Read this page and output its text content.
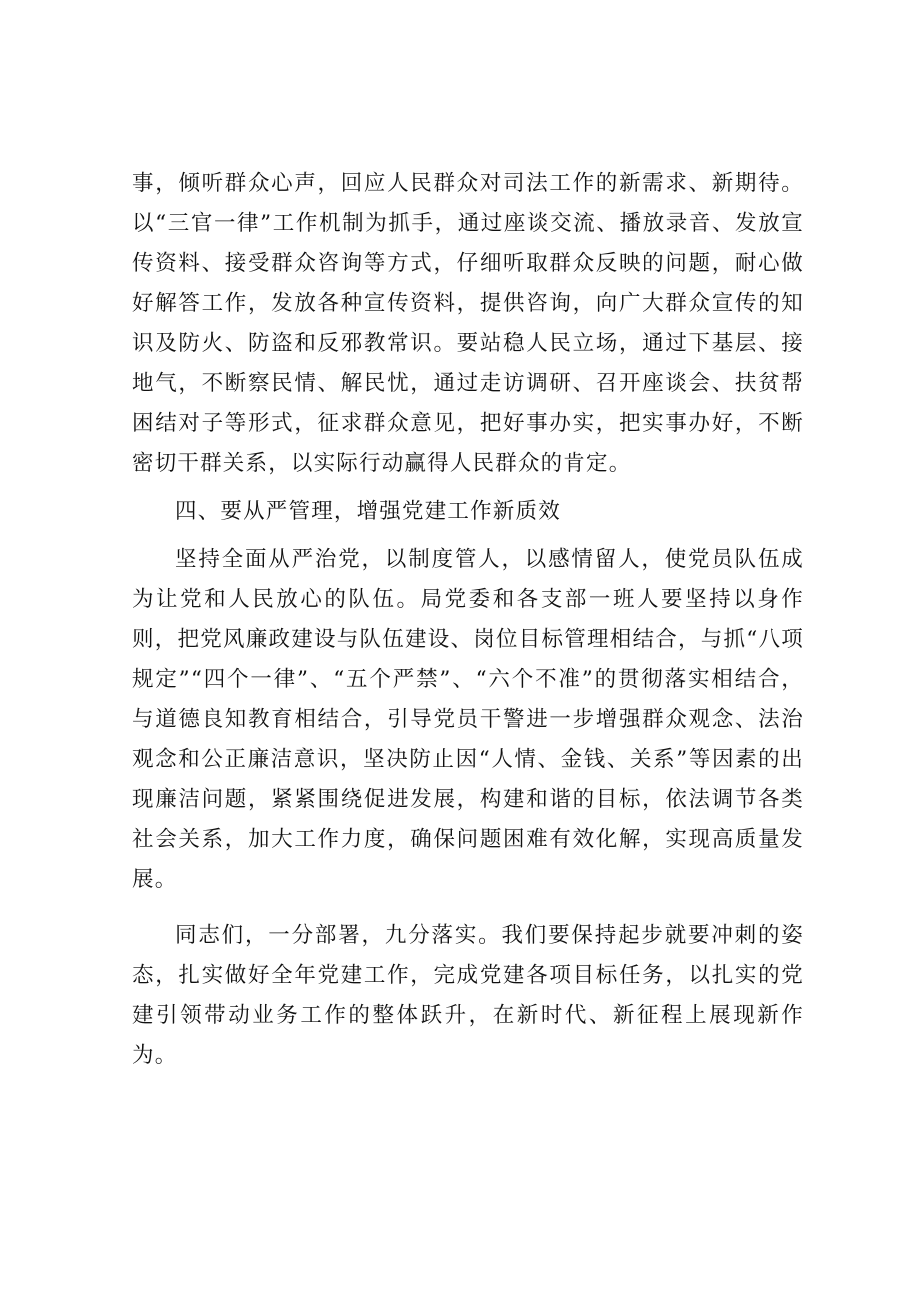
事，倾听群众心声，回应人民群众对司法工作的新需求、新期待。以“三官一律”工作机制为抓手，通过座谈交流、播放录音、发放宣传资料、接受群众咨询等方式，仔细听取群众反映的问题，耐心做好解答工作，发放各种宣传资料，提供咨询，向广大群众宣传的知识及防火、防盗和反邪教常识。要站稳人民立场，通过下基层、接地气，不断察民情、解民忧，通过走访调研、召开座谈会、扶贫帮困结对子等形式，征求群众意见，把好事办实，把实事办好，不断密切干群关系，以实际行动赢得人民群众的肯定。

四、要从严管理，增强党建工作新质效

坚持全面从严治党，以制度管人，以感情留人，使党员队伍成为让党和人民放心的队伍。局党委和各支部一班人要坚持以身作则，把党风廉政建设与队伍建设、岗位目标管理相结合，与抓“八项规定”“四个一律”、“五个严禁”、“六个不准”的贯彻落实相结合，与道德良知教育相结合，引导党员干警进一步增强群众观念、法治观念和公正廉洁意识，坚决防止因“人情、金钱、关系”等因素的出现廉洁问题，紧紧围绕促进发展，构建和谐的目标，依法调节各类社会关系，加大工作力度，确保问题困难有效化解，实现高质量发展。

同志们，一分部署，九分落实。我们要保持起步就要冲刺的姿态，扎实做好全年党建工作，完成党建各项目标任务，以扎实的党建引领带动业务工作的整体跃升，在新时代、新征程上展现新作为。
